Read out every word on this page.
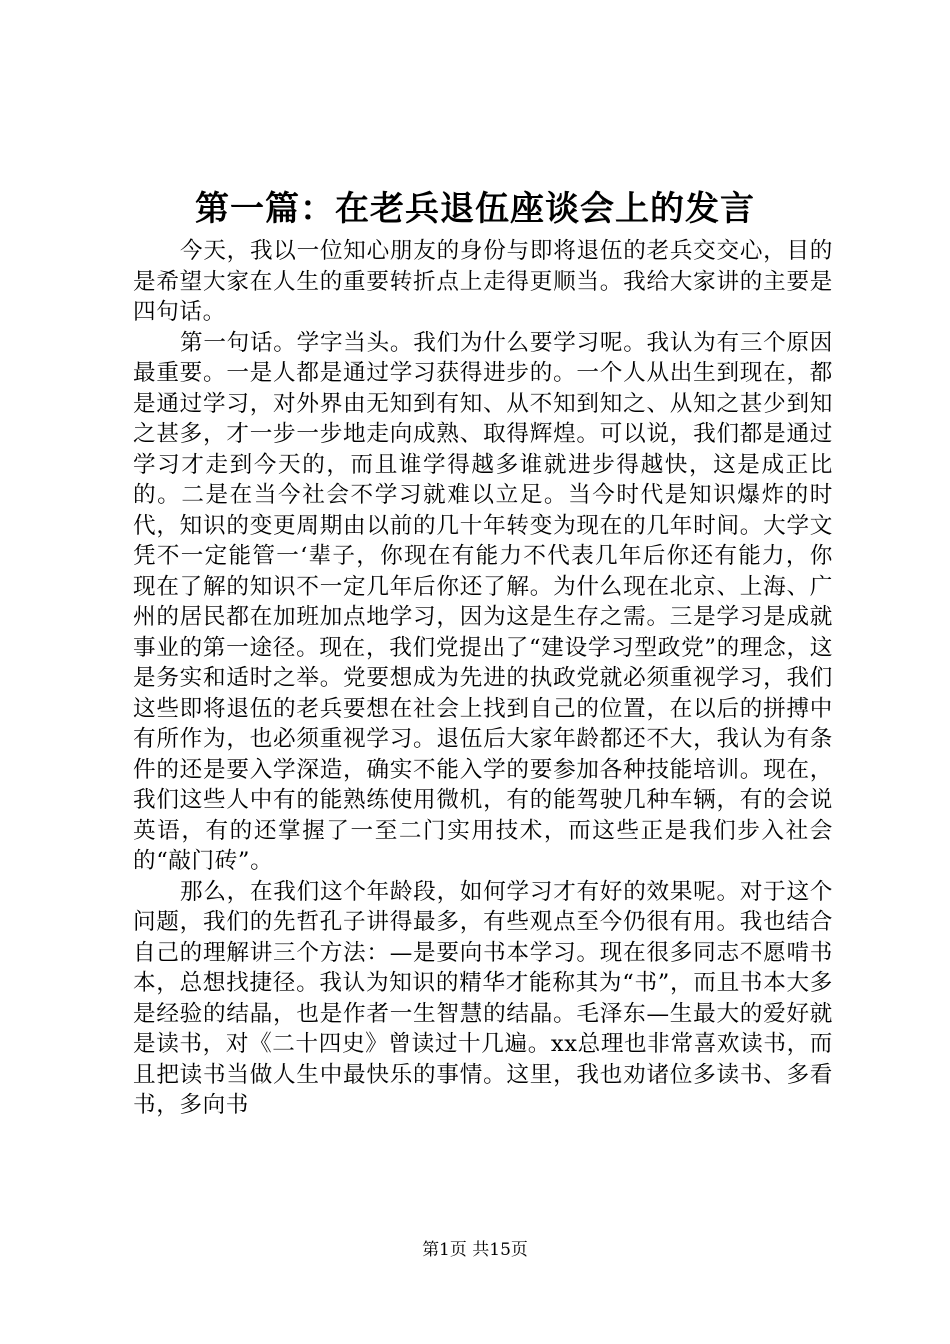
第一篇：在老兵退伍座谈会上的发言

今天，我以一位知心朋友的身份与即将退伍的老兵交交心，目的是希望大家在人生的重要转折点上走得更顺当。我给大家讲的主要是四句话。

第一句话。学字当头。我们为什么要学习呢。我认为有三个原因最重要。一是人都是通过学习获得进步的。一个人从出生到现在，都是通过学习，对外界由无知到有知、从不知到知之、从知之甚少到知之甚多，才一步一步地走向成熟、取得辉煌。可以说，我们都是通过学习才走到今天的，而且谁学得越多谁就进步得越快，这是成正比的。二是在当今社会不学习就难以立足。当今时代是知识爆炸的时代，知识的变更周期由以前的几十年转变为现在的几年时间。大学文凭不一定能管一‘辈子，你现在有能力不代表几年后你还有能力，你现在了解的知识不一定几年后你还了解。为什么现在北京、上海、广州的居民都在加班加点地学习，因为这是生存之需。三是学习是成就事业的第一途径。现在，我们党提出了“建设学习型政党”的理念，这是务实和适时之举。党要想成为先进的执政党就必须重视学习，我们这些即将退伍的老兵要想在社会上找到自己的位置，在以后的拼搏中有所作为，也必须重视学习。退伍后大家年龄都还不大，我认为有条件的还是要入学深造，确实不能入学的要参加各种技能培训。现在，我们这些人中有的能熟练使用微机，有的能驾驶几种车辆，有的会说英语，有的还掌握了一至二门实用技术，而这些正是我们步入社会的“敲门砖”。

那么，在我们这个年龄段，如何学习才有好的效果呢。对于这个问题，我们的先哲孔子讲得最多，有些观点至今仍很有用。我也结合自己的理解讲三个方法：—是要向书本学习。现在很多同志不愿啃书本，总想找捷径。我认为知识的精华才能称其为“书”，而且书本大多是经验的结晶，也是作者一生智慧的结晶。毛泽东—生最大的爱好就是读书，对《二十四史》曾读过十几遍。xx总理也非常喜欢读书，而且把读书当做人生中最快乐的事情。这里，我也劝诸位多读书、多看书，多向书

第1页 共15页
